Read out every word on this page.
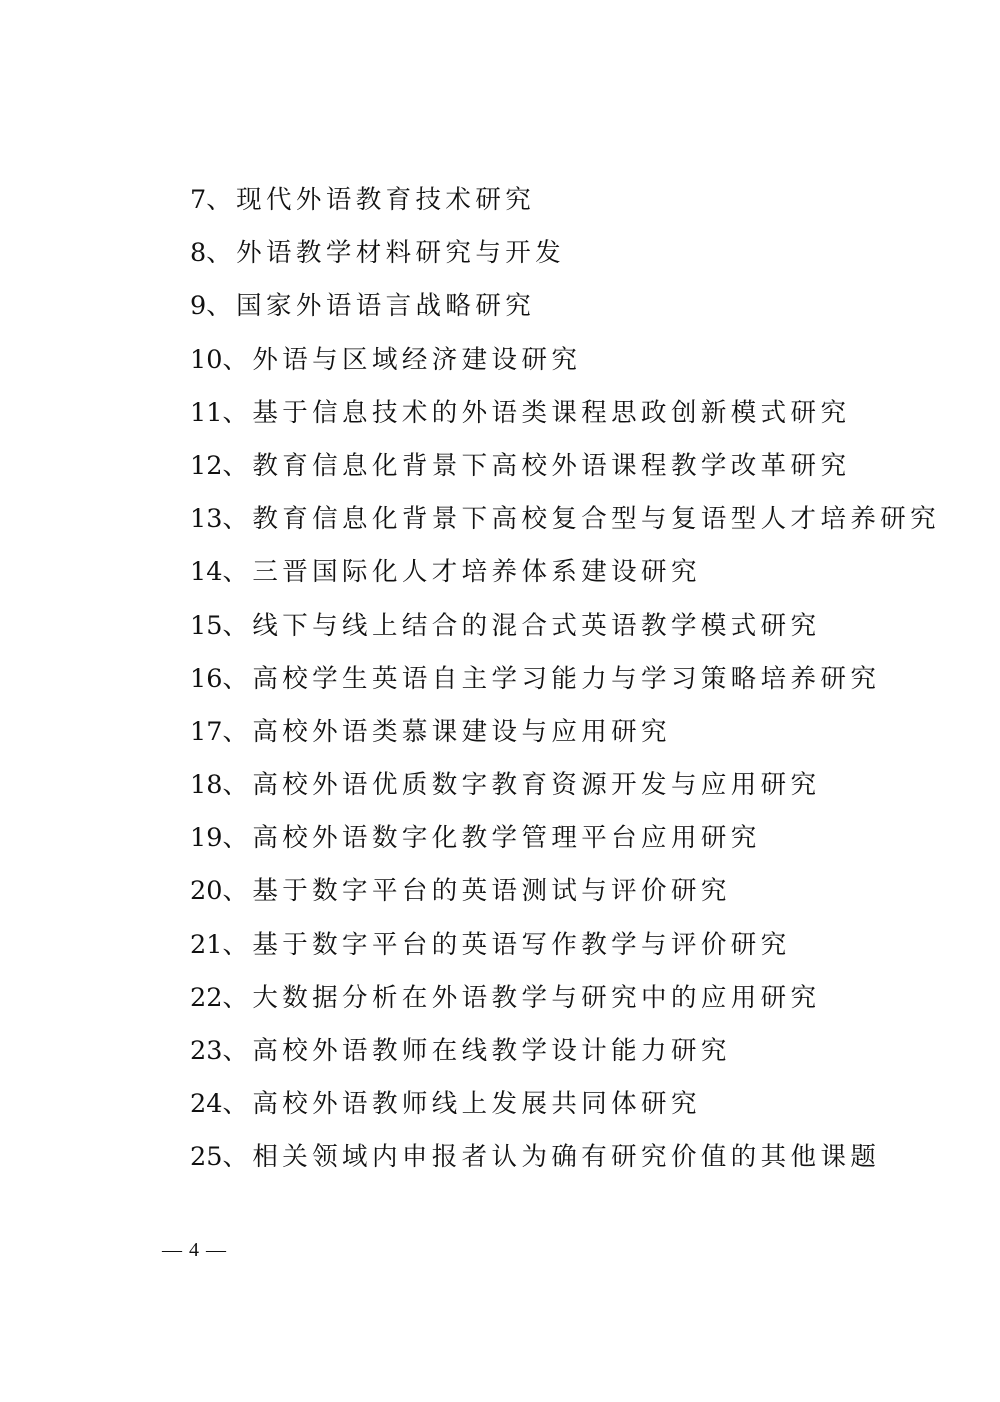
7、现代外语教育技术研究
8、外语教学材料研究与开发
9、国家外语语言战略研究
10、外语与区域经济建设研究
11、基于信息技术的外语类课程思政创新模式研究
12、教育信息化背景下高校外语课程教学改革研究
13、教育信息化背景下高校复合型与复语型人才培养研究
14、三晋国际化人才培养体系建设研究
15、线下与线上结合的混合式英语教学模式研究
16、高校学生英语自主学习能力与学习策略培养研究
17、高校外语类慕课建设与应用研究
18、高校外语优质数字教育资源开发与应用研究
19、高校外语数字化教学管理平台应用研究
20、基于数字平台的英语测试与评价研究
21、基于数字平台的英语写作教学与评价研究
22、大数据分析在外语教学与研究中的应用研究
23、高校外语教师在线教学设计能力研究
24、高校外语教师线上发展共同体研究
25、相关领域内申报者认为确有研究价值的其他课题
— 4 —
